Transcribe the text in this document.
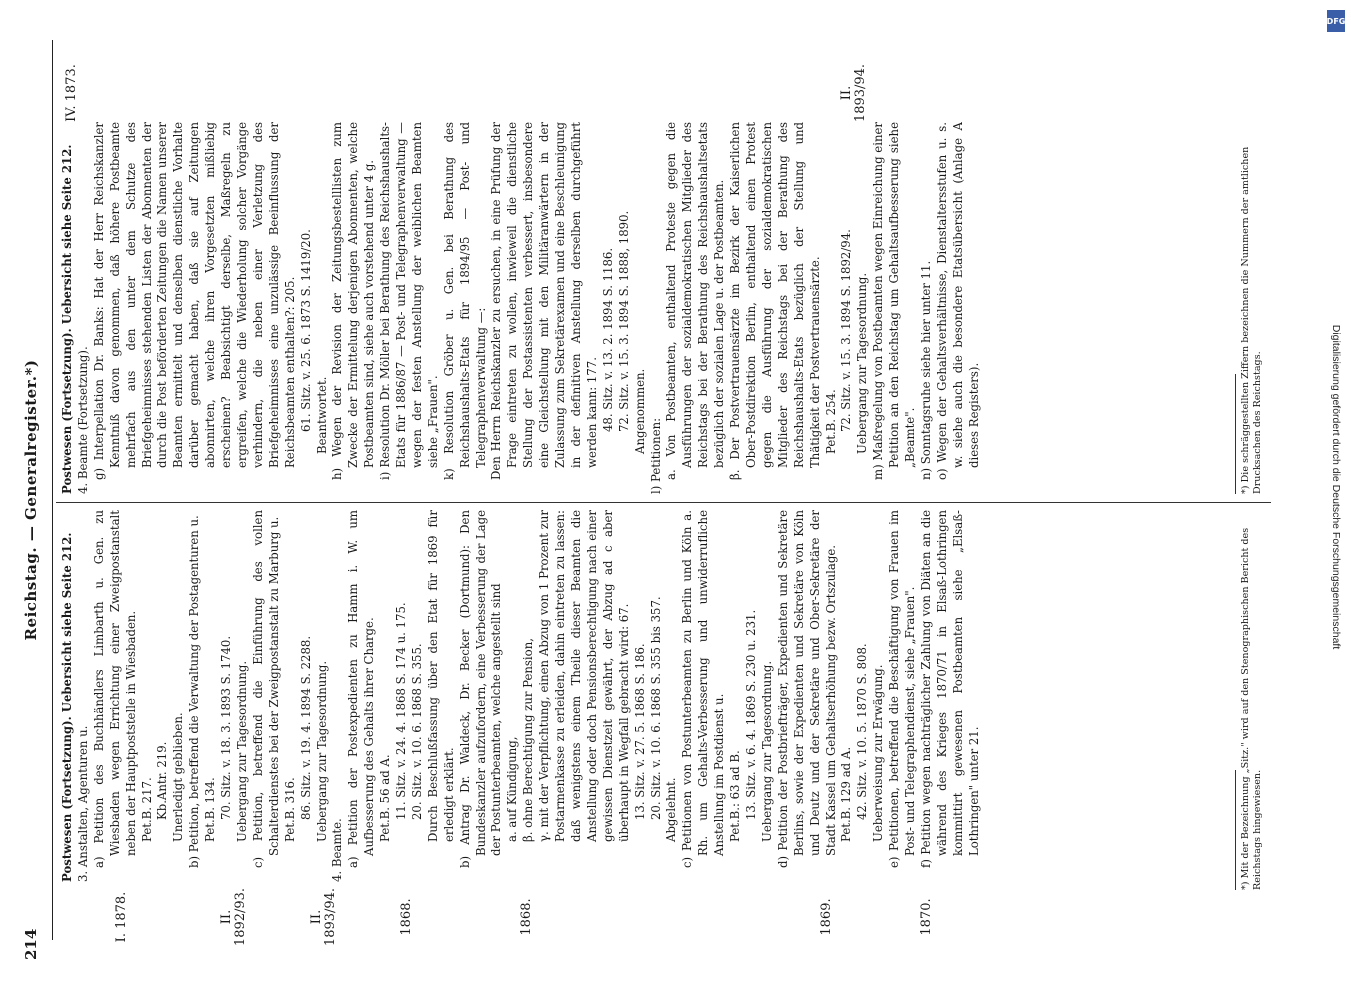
214
Reichstag. — Generalregister.*)
I. 1878.	II. 1892/93.	II. 1893/94.	1868.	1868.	1869.	1870.

Postwesen (Fortsetzung). Uebersicht siehe Seite 212. 3. Anstalten, Agenturen u. a) Petition des Buchhändlers Limbarth u. Gen. zu Wiesbaden wegen Errichtung einer Zweigpostanstalt neben der Hauptpoststelle in Wiesbaden. Pet.B. 217. Kb.Antr. 219. Unerledigt geblieben. b) Petition, betreffend die Verwaltung der Postagenturen u. Pet.B. 134. 70. Sitz. v. 18. 3. 1893 S. 1740. Uebergang zur Tagesordnung. c) Petition, betreffend die Einführung des vollen Schalterdienstes bei der Zweigpostanstalt zu Marburg u. Pet.B. 316. 86. Sitz. v. 19. 4. 1894 S. 2288. Uebergang zur Tagesordnung.

4. Beamte. a) Petition der Postexpedienten zu Hamm i. W. um Aufbesserung des Gehalts ihrer Charge. Pet.B. 56 ad A. 11. Sitz. v. 24. 4. 1868 S. 174 u. 175. 20. Sitz. v. 10. 6. 1868 S. 355. Durch Beschlußfassung über den Etat für 1869 für erledigt erklärt. b) Antrag Dr. Waldeck, Dr. Becker (Dortmund): Den Bundeskanzler aufzufordern, eine Verbesserung der Lage der Postunterbeamten, welche angestellt sind a. auf Kündigung, β. ohne Berechtigung zur Pension, γ. mit der Verpflichtung, einen Abzug von 1 Prozent zur Postarmenkasse zu erleiden, dahin eintreten zu lassen: daß wenigstens einem Theile dieser Beamten die Anstellung oder doch Pensionsberechtigung nach einer gewissen Dienstzeit gewährt, der Abzug ad c aber überhaupt in Wegfall gebracht wird: 67. 13. Sitz. v. 27. 5. 1868 S. 186. 20. Sitz. v. 10. 6. 1868 S. 355 bis 357. Abgelehnt. c) Petitionen von Postunterbeamten zu Berlin und Köln a. Rh. um Gehalts-Verbesserung und unwiderrufliche Anstellung im Postdienst u. Pet.B.: 63 ad B. 13. Sitz. v. 6. 4. 1869 S. 230 u. 231. Uebergang zur Tagesordnung. d) Petition der Postbriefträger, Expedienten und Sekretäre Berlins, sowie der Expedienten und Sekretäre von Köln und Deutz und der Sekretäre und Ober-Sekretäre der Stadt Kassel um Gehaltserhöhung bezw. Ortszulage. Pet.B. 129 ad A. 42. Sitz. v. 10. 5. 1870 S. 808. Ueberweisung zur Erwägung. e) Petitionen, betreffend die Beschäftigung von Frauen im Post- und Telegraphendienst, siehe „Frauen". f) Petition wegen nachträglicher Zahlung von Diäten an die während des Krieges 1870/71 in Elsaß-Lothringen kommittirt gewesenen Postbeamten siehe „Elsaß-Lothringen" unter 21.

IV. 1873.	II. 1893/94.

Postwesen (Fortsetzung). Uebersicht siehe Seite 212. 4. Beamte (Fortsetzung). g) Interpellation Dr. Banks: Hat der Herr Reichskanzler Kenntniß davon genommen, daß höhere Postbeamte mehrfach aus den unter dem Schutze des Briefgeheimnisses stehenden Listen der Abonnenten der durch die Post beförderten Zeitungen die Namen unserer Beamten ermittelt und denselben dienstliche Vorhalte darüber gemacht haben, daß sie auf Zeitungen abonnirten, welche ihren Vorgesetzten mißliebig erscheinen? Beabsichtigt derselbe, Maßregeln zu ergreifen, welche die Wiederholung solcher Vorgänge verhindern, die neben einer Verletzung des Briefgeheimnisses eine unzulässige Beeinflussung der Reichsbeamten enthalten?: 205. 61. Sitz. v. 25. 6. 1873 S. 1419/20. Beantwortet. h) Wegen der Revision der Zeitungsbestelllisten zum Zwecke der Ermittelung derjenigen Abonnenten, welche Postbeamten sind, siehe auch vorstehend unter 4 g. i) Resolution Dr. Möller bei Berathung des Reichshaushalts-Etats für 1886/87 — Post- und Telegraphenverwaltung — wegen der festen Anstellung der weiblichen Beamten siehe „Frauen". k) Resolution Gröber u. Gen. bei Berathung des Reichshaushalts-Etats für 1894/95 — Post- und Telegraphenverwaltung —: Den Herrn Reichskanzler zu ersuchen, in eine Prüfung der Frage eintreten zu wollen, inwieweil die dienstliche Stellung der Postassistenten verbessert, insbesondere eine Gleichstellung mit den Militäranwärtern in der Zulassung zum Sekretärexamen und eine Beschleunigung in der definitiven Anstellung derselben durchgeführt werden kann: 177. 48. Sitz. v. 13. 2. 1894 S. 1186. 72. Sitz. v. 15. 3. 1894 S. 1888, 1890. Angenommen.

l) Petitionen: a. Von Postbeamten, enthaltend Proteste gegen die Ausführungen der sozialdemokratischen Mitglieder des Reichstags bei der Berathung des Reichshaushaltsetats bezüglich der sozialen Lage u. der Postbeamten. β. Der Postvertrauensärzte im Bezirk der Kaiserlichen Ober-Postdirektion Berlin, enthaltend einen Protest gegen die Ausführung der sozialdemokratischen Mitglieder des Reichstags bei der Berathung des Reichshaushalts-Etats bezüglich der Stellung und Thätigkeit der Postvertrauensärzte. Pet.B. 254. 72. Sitz. v. 15. 3. 1894 S. 1892/94. Uebergang zur Tagesordnung. m) Maßregelung von Postbeamten wegen Einreichung einer Petition an den Reichstag um Gehaltsaufbesserung siehe „Beamte". n) Sonntagsruhe siehe hier unter 11. o) Wegen der Gehaltsverhältnisse, Dienstaltersstufen u. s. w. siehe auch die besondere Etatsübersicht (Anlage A dieses Registers).

*) Mit der Bezeichnung „Sitz." wird auf den Stenographischen Bericht des Reichstags hingewiesen.
*) Die schräggestellten Ziffern bezeichnen die Nummern der amtlichen Drucksachen des Reichstags.
DFG
Digitalisierung gefördert durch die Deutsche Forschungsgemeinschaft
